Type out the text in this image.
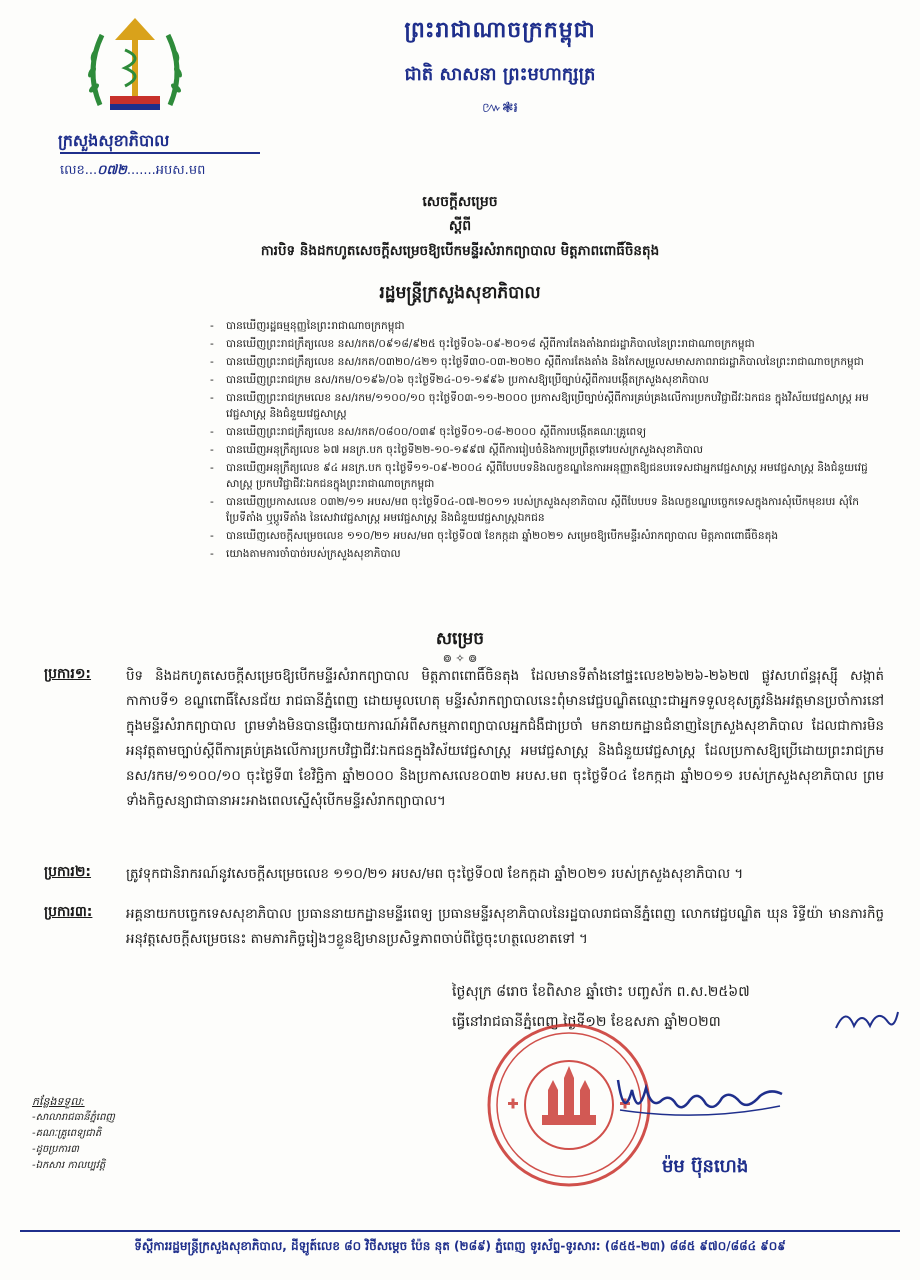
ក្រសួងសុខាភិបាល
លេខ...០៧២.......អបស.មព
ព្រះរាជាណាចក្រកម្ពុជា
ជាតិ សាសនា ព្រះមហាក្សត្រ
៚❃៛
សេចក្តីសម្រេច
ស្តីពី
ការបិទ និងដកហូតសេចក្តីសម្រេចឱ្យបើកមន្ទីរសំរាកព្យាបាល មិត្តភាពពោធិ៍ចិនតុង
រដ្ឋមន្ត្រីក្រសួងសុខាភិបាល
- បានឃើញរដ្ឋធម្មនុញ្ញនៃព្រះរាជាណាចក្រកម្ពុជា
- បានឃើញព្រះរាជក្រឹត្យលេខ នស/រកត/០៩១៨/៩២៥ ចុះថ្ងៃទី០៦-០៩-២០១៨ ស្តីពីការតែងតាំងរាជរដ្ឋាភិបាលនៃព្រះរាជាណាចក្រកម្ពុជា
- បានឃើញព្រះរាជក្រឹត្យលេខ នស/រកត/០៣២០/៤២១ ចុះថ្ងៃទី៣០-០៣-២០២០ ស្តីពីការតែងតាំង និងកែសម្រួលសមាសភាពរាជរដ្ឋាភិបាលនៃព្រះរាជាណាចក្រកម្ពុជា
- បានឃើញព្រះរាជក្រម នស/រកម/០១៩៦/០៦ ចុះថ្ងៃទី២៤-០១-១៩៩៦ ប្រកាសឱ្យប្រើច្បាប់ស្តីពីការបង្កើតក្រសួងសុខាភិបាល
- បានឃើញព្រះរាជក្រមលេខ នស/រកម/១១០០/១០ ចុះថ្ងៃទី០៣-១១-២០០០ ប្រកាសឱ្យប្រើច្បាប់ស្តីពីការគ្រប់គ្រងលើការប្រកបវិជ្ជាជីវៈឯកជន ក្នុងវិស័យវេជ្ជសាស្ត្រ អមវេជ្ជសាស្ត្រ និងជំនួយវេជ្ជសាស្ត្រ
- បានឃើញព្រះរាជក្រឹត្យលេខ នស/រកត/០៨០០/០៣៩ ចុះថ្ងៃទី០១-០៨-២០០០ ស្តីពីការបង្កើតគណៈគ្រូពេទ្យ
- បានឃើញអនុក្រឹត្យលេខ ៦៧ អនក្រ.បក ចុះថ្ងៃទី២២-១០-១៩៩៧ ស្តីពីការរៀបចំនិងការប្រព្រឹត្តទៅរបស់ក្រសួងសុខាភិបាល
- បានឃើញអនុក្រឹត្យលេខ ៩៤ អនក្រ.បក ចុះថ្ងៃទី១១-០៩-២០០៤ ស្តីពីបែបបទនិងលក្ខខណ្ឌនៃការអនុញ្ញាតឱ្យជនបរទេសជាអ្នកវេជ្ជសាស្ត្រ អមវេជ្ជសាស្ត្រ និងជំនួយវេជ្ជសាស្ត្រ ប្រកបវិជ្ជាជីវៈឯកជនក្នុងព្រះរាជាណាចក្រកម្ពុជា
- បានឃើញប្រកាសលេខ ០៣២/១១ អបស/មព ចុះថ្ងៃទី០៤-០៧-២០១១ របស់ក្រសួងសុខាភិបាល ស្តីពីបែបបទ និងលក្ខខណ្ឌបច្ចេកទេសក្នុងការសុំបើកមុខរបរ សុំកែប្រែទីតាំង ឬប្តូរទីតាំង នៃសេវាវេជ្ជសាស្ត្រ អមវេជ្ជសាស្ត្រ និងជំនួយវេជ្ជសាស្ត្រឯកជន
- បានឃើញសេចក្តីសម្រេចលេខ ១១០/២១ អបស/មព ចុះថ្ងៃទី០៧ ខែកក្កដា ឆ្នាំ២០២១ សម្រេចឱ្យបើកមន្ទីរសំរាកព្យាបាល មិត្តភាពពោធិ៍ចិនតុង
- យោងតាមការចាំបាច់របស់ក្រសួងសុខាភិបាល
សម្រេច
៙ ✧ ៙
ប្រការ១:	បិទ និងដកហូតសេចក្តីសម្រេចឱ្យបើកមន្ទីរសំរាកព្យាបាល មិត្តភាពពោធិ៍ចិនតុង ដែលមានទីតាំងនៅផ្ទះលេខ២៦២៦-២៦២៧ ផ្លូវសហព័ន្ធរុស្ស៊ី សង្កាត់កាកាបទី១ ខណ្ឌពោធិ៍សែនជ័យ រាជធានីភ្នំពេញ ដោយមូលហេតុ មន្ទីរសំរាកព្យាបាលនេះពុំមានវេជ្ជបណ្ឌិតឈ្មោះជាអ្នកទទួលខុសត្រូវនិងអវត្តមានប្រចាំការនៅក្នុងមន្ទីរសំរាកព្យាបាល ព្រមទាំងមិនបានផ្ញើរបាយការណ៍អំពីសកម្មភាពព្យាបាលអ្នកជំងឺជាប្រចាំ មកនាយកដ្ឋានជំនាញនៃក្រសួងសុខាភិបាល ដែលជាការមិនអនុវត្តតាមច្បាប់ស្តីពីការគ្រប់គ្រងលើការប្រកបវិជ្ជាជីវៈឯកជនក្នុងវិស័យវេជ្ជសាស្ត្រ អមវេជ្ជសាស្ត្រ និងជំនួយវេជ្ជសាស្ត្រ ដែលប្រកាសឱ្យប្រើដោយព្រះរាជក្រម នស/រកម/១១០០/១០ ចុះថ្ងៃទី៣ ខែវិច្ឆិកា ឆ្នាំ២០០០ និងប្រកាសលេខ០៣២ អបស.មព ចុះថ្ងៃទី០៤ ខែកក្កដា ឆ្នាំ២០១១ របស់ក្រសួងសុខាភិបាល ព្រមទាំងកិច្ចសន្យាជាធានាអះអាងពេលស្នើសុំបើកមន្ទីរសំរាកព្យាបាល។
ប្រការ២:	ត្រូវទុកជានិរាករណ៍នូវសេចក្តីសម្រេចលេខ ១១០/២១ អបស/មព ចុះថ្ងៃទី០៧ ខែកក្កដា ឆ្នាំ២០២១ របស់ក្រសួងសុខាភិបាល ។
ប្រការ៣:	អគ្គនាយកបច្ចេកទេសសុខាភិបាល ប្រធាននាយកដ្ឋានមន្ទីរពេទ្យ ប្រធានមន្ទីរសុខាភិបាលនៃរដ្ឋបាលរាជធានីភ្នំពេញ លោកវេជ្ជបណ្ឌិត ឃុន រិទ្ធីយ៉ា មានភារកិច្ចអនុវត្តសេចក្តីសម្រេចនេះ តាមភារកិច្ចរៀងៗខ្លួនឱ្យមានប្រសិទ្ធភាពចាប់ពីថ្ងៃចុះហត្ថលេខាតទៅ ។
ថ្ងៃសុក្រ ៨រោច ខែពិសាខ ឆ្នាំថោះ បញ្ចស័ក ព.ស.២៥៦៧
ធ្វើនៅរាជធានីភ្នំពេញ ថ្ងៃទី១២ ខែឧសភា ឆ្នាំ២០២៣
ម៉ម ប៊ុនហេង
កន្លែងទទួល:
-សាលារាជធានីភ្នំពេញ
-គណៈគ្រូពេទ្យជាតិ
-ដូចប្រការ៣
-ឯកសារ កាលប្បវត្តិ
ទីស្តីការរដ្ឋមន្ត្រីក្រសួងសុខាភិបាល, ដីឡូត៍លេខ ៨០ វិថីសម្តេច ប៉ែន នុត (២៨៩) ភ្នំពេញ ទូរស័ព្ទ-ទូរសារ: (៨៥៥-២៣) ៨៨៥ ៩៧០/៨៨៤ ៩០៩
